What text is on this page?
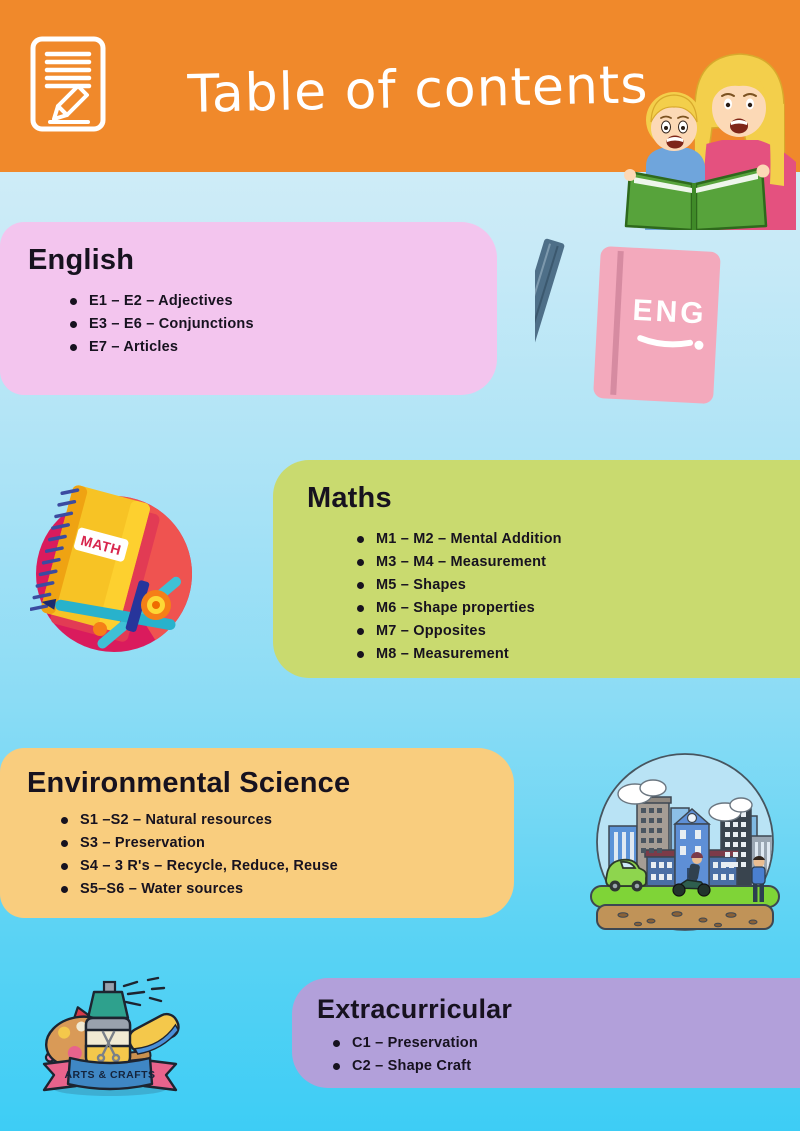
Table of contents
English
E1 – E2 – Adjectives
E3 – E6 – Conjunctions
E7 – Articles
ENG
Maths
M1 – M2 – Mental Addition
M3 – M4 – Measurement
M5 – Shapes
M6 – Shape properties
M7 – Opposites
M8 – Measurement
MATH
Environmental Science
S1 –S2 – Natural resources
S3 – Preservation
S4 – 3 R's – Recycle, Reduce, Reuse
S5–S6 – Water sources
Extracurricular
C1 – Preservation
C2 – Shape Craft
ARTS & CRAFTS
